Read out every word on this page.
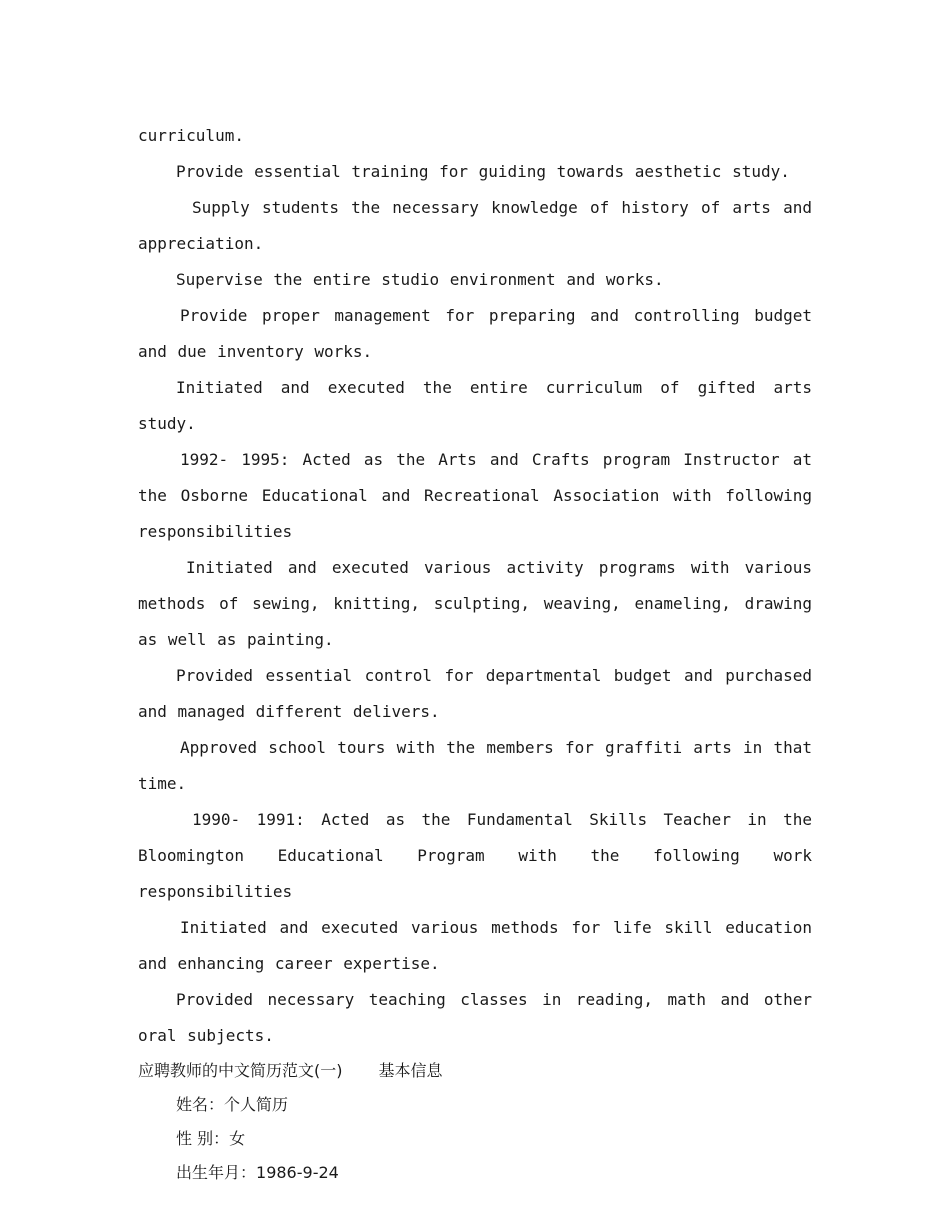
curriculum.

Provide essential training for guiding towards aesthetic study.

Supply students the necessary knowledge of history of arts and appreciation.

Supervise the entire studio environment and works.

Provide proper management for preparing and controlling budget and due inventory works.

Initiated and executed the entire curriculum of gifted arts study.

1992- 1995: Acted as the Arts and Crafts program Instructor at the Osborne Educational and Recreational Association with following responsibilities

Initiated and executed various activity programs with various methods of sewing, knitting, sculpting, weaving, enameling, drawing as well as painting.

Provided essential control for departmental budget and purchased and managed different delivers.

Approved school tours with the members for graffiti arts in that time.

1990- 1991: Acted as the Fundamental Skills Teacher in the Bloomington Educational Program with the following work responsibilities

Initiated and executed various methods for life skill education and enhancing career expertise.

Provided necessary teaching classes in reading, math and other oral subjects.

应聘教师的中文简历范文(一) 基本信息

姓名：个人简历

性 别：女

出生年月：1986-9-24
